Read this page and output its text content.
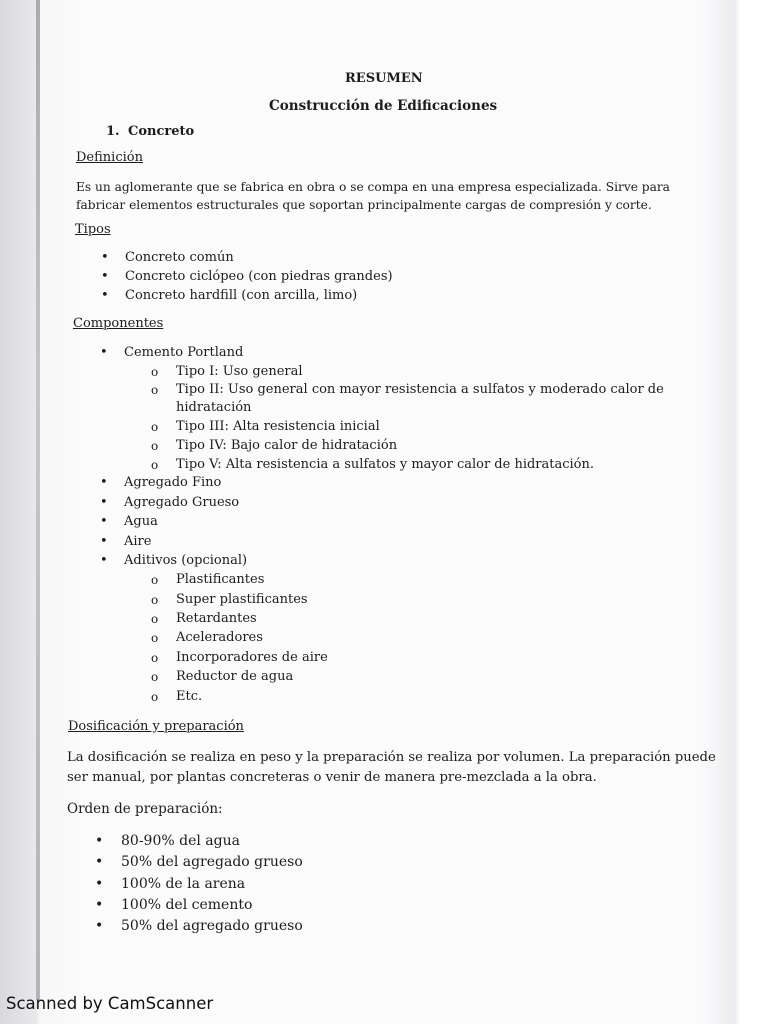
RESUMEN
Construcción de Edificaciones
1. Concreto
Definición
Es un aglomerante que se fabrica en obra o se compa en una empresa especializada. Sirve para
fabricar elementos estructurales que soportan principalmente cargas de compresión y corte.
Tipos
• Concreto común
• Concreto ciclópeo (con piedras grandes)
• Concreto hardfill (con arcilla, limo)
Componentes
• Cemento Portland
o Tipo I: Uso general
o Tipo II: Uso general con mayor resistencia a sulfatos y moderado calor de
hidratación
o Tipo III: Alta resistencia inicial
o Tipo IV: Bajo calor de hidratación
o Tipo V: Alta resistencia a sulfatos y mayor calor de hidratación.
• Agregado Fino
• Agregado Grueso
• Agua
• Aire
• Aditivos (opcional)
o Plastificantes
o Super plastificantes
o Retardantes
o Aceleradores
o Incorporadores de aire
o Reductor de agua
o Etc.
Dosificación y preparación
La dosificación se realiza en peso y la preparación se realiza por volumen. La preparación puede
ser manual, por plantas concreteras o venir de manera pre-mezclada a la obra.
Orden de preparación:
• 80-90% del agua
• 50% del agregado grueso
• 100% de la arena
• 100% del cemento
• 50% del agregado grueso
Scanned by CamScanner
